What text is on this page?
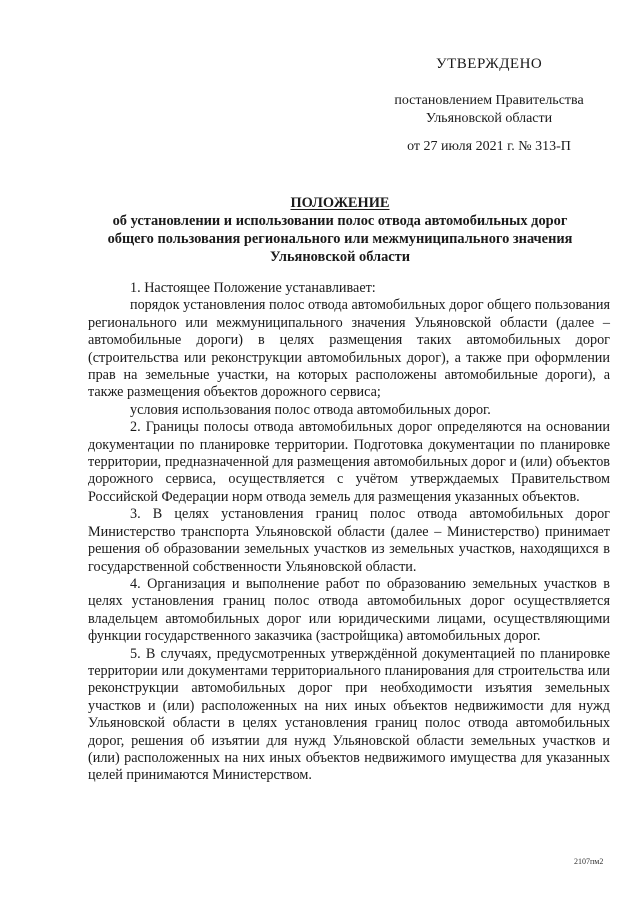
УТВЕРЖДЕНО
постановлением Правительства
Ульяновской области
от 27 июля 2021 г. № 313-П
ПОЛОЖЕНИЕ
об установлении и использовании полос отвода автомобильных дорог
общего пользования регионального или межмуниципального значения
Ульяновской области

1. Настоящее Положение устанавливает:

порядок установления полос отвода автомобильных дорог общего пользования регионального или межмуниципального значения Ульяновской области (далее – автомобильные дороги) в целях размещения таких автомобильных дорог (строительства или реконструкции автомобильных дорог), а также при оформлении прав на земельные участки, на которых расположены автомобильные дороги), а также размещения объектов дорожного сервиса;

условия использования полос отвода автомобильных дорог.

2. Границы полосы отвода автомобильных дорог определяются на основании документации по планировке территории. Подготовка документации по планировке территории, предназначенной для размещения автомобильных дорог и (или) объектов дорожного сервиса, осуществляется с учётом утверждаемых Правительством Российской Федерации норм отвода земель для размещения указанных объектов.

3. В целях установления границ полос отвода автомобильных дорог Министерство транспорта Ульяновской области (далее – Министерство) принимает решения об образовании земельных участков из земельных участков, находящихся в государственной собственности Ульяновской области.

4. Организация и выполнение работ по образованию земельных участков в целях установления границ полос отвода автомобильных дорог осуществляется владельцем автомобильных дорог или юридическими лицами, осуществляющими функции государственного заказчика (застройщика) автомобильных дорог.

5. В случаях, предусмотренных утверждённой документацией по планировке территории или документами территориального планирования для строительства или реконструкции автомобильных дорог при необходимости изъятия земельных участков и (или) расположенных на них иных объектов недвижимости для нужд Ульяновской области в целях установления границ полос отвода автомобильных дорог, решения об изъятии для нужд Ульяновской области земельных участков и (или) расположенных на них иных объектов недвижимого имущества для указанных целей принимаются Министерством.

2107пм2
